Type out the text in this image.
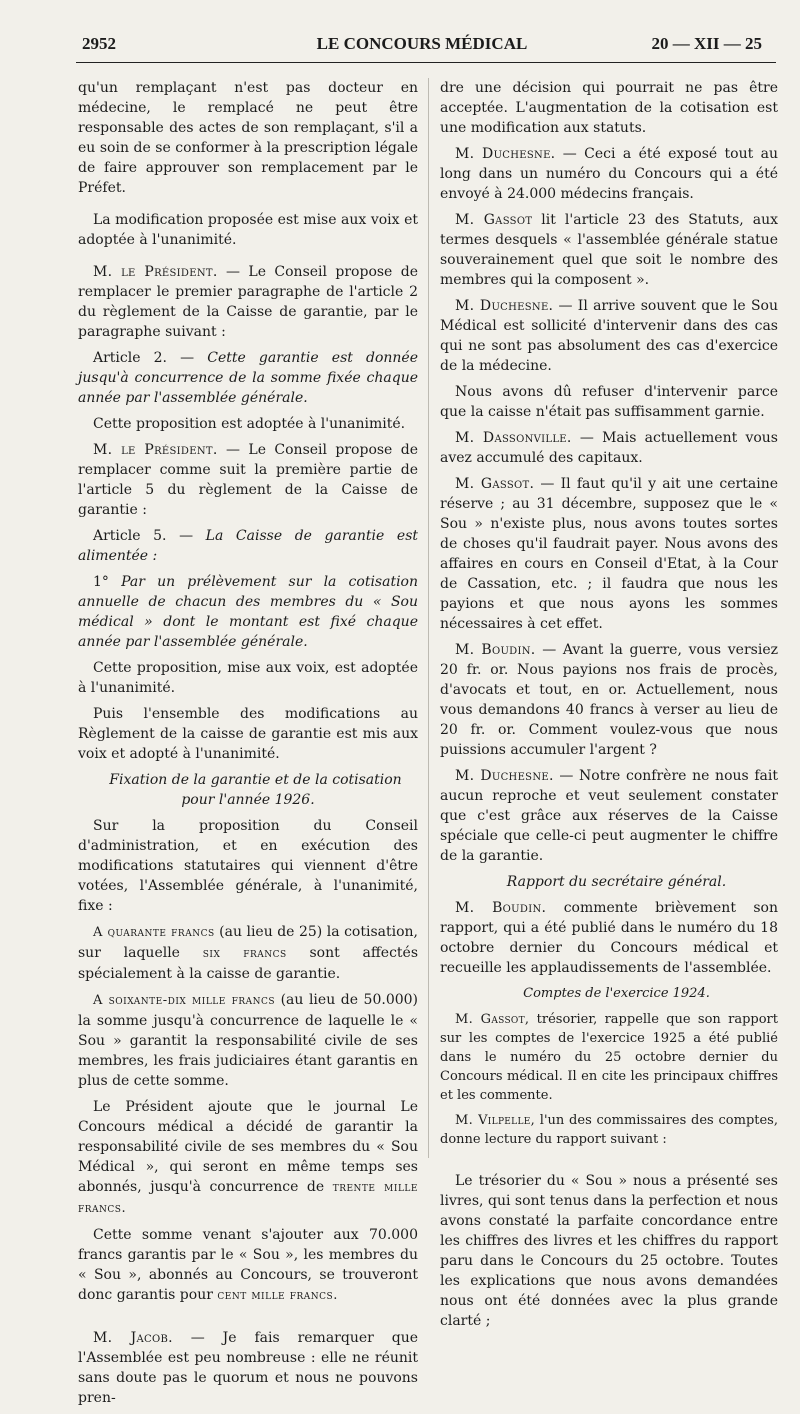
2952	LE CONCOURS MÉDICAL	20 — XII — 25

qu'un remplaçant n'est pas docteur en médecine, le remplacé ne peut être responsable des actes de son remplaçant, s'il a eu soin de se conformer à la prescription légale de faire approuver son remplacement par le Préfet.

La modification proposée est mise aux voix et adoptée à l'unanimité.

M. le Président. — Le Conseil propose de remplacer le premier paragraphe de l'article 2 du règlement de la Caisse de garantie, par le paragraphe suivant :

Article 2. — Cette garantie est donnée jusqu'à concurrence de la somme fixée chaque année par l'assemblée générale.

Cette proposition est adoptée à l'unanimité.

M. le Président. — Le Conseil propose de remplacer comme suit la première partie de l'article 5 du règlement de la Caisse de garantie :

Article 5. — La Caisse de garantie est alimentée :

1° Par un prélèvement sur la cotisation annuelle de chacun des membres du « Sou médical » dont le montant est fixé chaque année par l'assemblée générale.

Cette proposition, mise aux voix, est adoptée à l'unanimité.

Puis l'ensemble des modifications au Règlement de la caisse de garantie est mis aux voix et adopté à l'unanimité.

Fixation de la garantie et de la cotisation pour l'année 1926.

Sur la proposition du Conseil d'administration, et en exécution des modifications statutaires qui viennent d'être votées, l'Assemblée générale, à l'unanimité, fixe :

A quarante francs (au lieu de 25) la cotisation, sur laquelle six francs sont affectés spécialement à la caisse de garantie.

A soixante-dix mille francs (au lieu de 50.000) la somme jusqu'à concurrence de laquelle le « Sou » garantit la responsabilité civile de ses membres, les frais judiciaires étant garantis en plus de cette somme.

Le Président ajoute que le journal Le Concours médical a décidé de garantir la responsabilité civile de ses membres du « Sou Médical », qui seront en même temps ses abonnés, jusqu'à concurrence de trente mille francs.

Cette somme venant s'ajouter aux 70.000 francs garantis par le « Sou », les membres du « Sou », abonnés au Concours, se trouveront donc garantis pour cent mille francs.

M. Jacob. — Je fais remarquer que l'Assemblée est peu nombreuse : elle ne réunit sans doute pas le quorum et nous ne pouvons pren-

dre une décision qui pourrait ne pas être acceptée. L'augmentation de la cotisation est une modification aux statuts.

M. Duchesne. — Ceci a été exposé tout au long dans un numéro du Concours qui a été envoyé à 24.000 médecins français.

M. Gassot lit l'article 23 des Statuts, aux termes desquels « l'assemblée générale statue souverainement quel que soit le nombre des membres qui la composent ».

M. Duchesne. — Il arrive souvent que le Sou Médical est sollicité d'intervenir dans des cas qui ne sont pas absolument des cas d'exercice de la médecine.

Nous avons dû refuser d'intervenir parce que la caisse n'était pas suffisamment garnie.

M. Dassonville. — Mais actuellement vous avez accumulé des capitaux.

M. Gassot. — Il faut qu'il y ait une certaine réserve ; au 31 décembre, supposez que le « Sou » n'existe plus, nous avons toutes sortes de choses qu'il faudrait payer. Nous avons des affaires en cours en Conseil d'Etat, à la Cour de Cassation, etc. ; il faudra que nous les payions et que nous ayons les sommes nécessaires à cet effet.

M. Boudin. — Avant la guerre, vous versiez 20 fr. or. Nous payions nos frais de procès, d'avocats et tout, en or. Actuellement, nous vous demandons 40 francs à verser au lieu de 20 fr. or. Comment voulez-vous que nous puissions accumuler l'argent ?

M. Duchesne. — Notre confrère ne nous fait aucun reproche et veut seulement constater que c'est grâce aux réserves de la Caisse spéciale que celle-ci peut augmenter le chiffre de la garantie.

Rapport du secrétaire général.

M. Boudin. commente brièvement son rapport, qui a été publié dans le numéro du 18 octobre dernier du Concours médical et recueille les applaudissements de l'assemblée.

Comptes de l'exercice 1924.

M. Gassot, trésorier, rappelle que son rapport sur les comptes de l'exercice 1925 a été publié dans le numéro du 25 octobre dernier du Concours médical. Il en cite les principaux chiffres et les commente.

M. Vilpelle, l'un des commissaires des comptes, donne lecture du rapport suivant :

Le trésorier du « Sou » nous a présenté ses livres, qui sont tenus dans la perfection et nous avons constaté la parfaite concordance entre les chiffres des livres et les chiffres du rapport paru dans le Concours du 25 octobre. Toutes les explications que nous avons demandées nous ont été données avec la plus grande clarté ;
